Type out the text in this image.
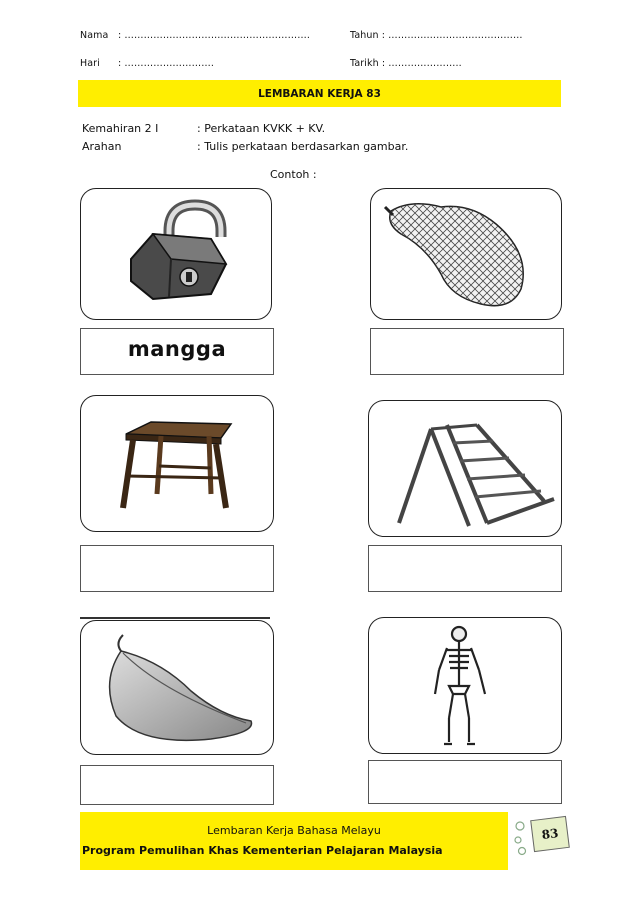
Nama : ………………………………………………….	Tahun : ……………………………………
Hari : ……………………….	Tarikh : …………………..
LEMBARAN KERJA 83
Kemahiran 2 I	: Perkataan KVKK + KV.
Arahan	: Tulis perkataan berdasarkan gambar.
Contoh :
mangga
Lembaran Kerja Bahasa Melayu
Program Pemulihan Khas Kementerian Pelajaran Malaysia
83
